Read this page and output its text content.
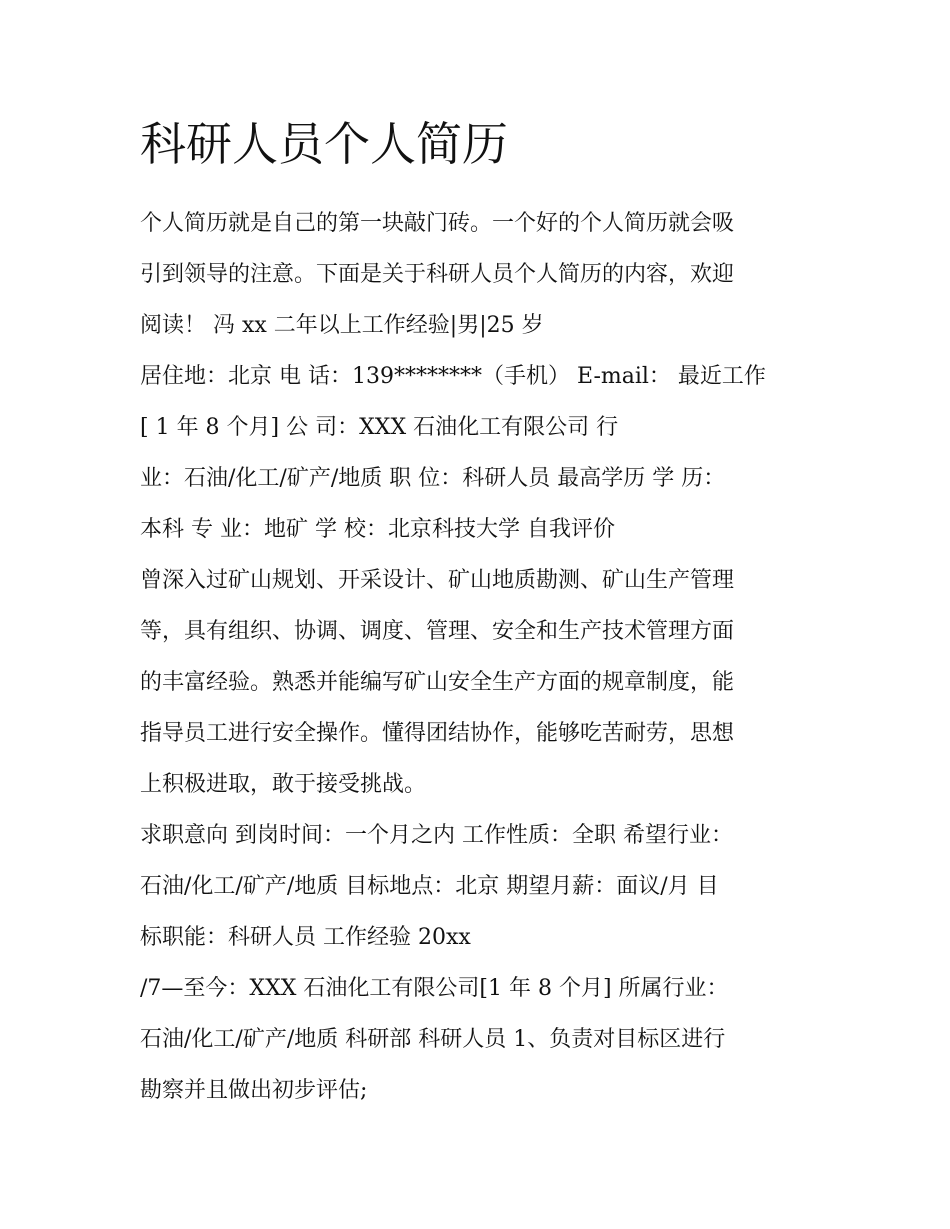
科研人员个人简历
个人简历就是自己的第一块敲门砖。一个好的个人简历就会吸
引到领导的注意。下面是关于科研人员个人简历的内容，欢迎
阅读！ 冯 xx 二年以上工作经验|男|25 岁
居住地：北京 电 话：139********（手机） E-mail： 最近工作
[ 1 年 8 个月] 公 司：XXX 石油化工有限公司 行
业：石油/化工/矿产/地质 职 位：科研人员 最高学历 学 历：
本科 专 业：地矿 学 校：北京科技大学 自我评价
曾深入过矿山规划、开采设计、矿山地质勘测、矿山生产管理
等，具有组织、协调、调度、管理、安全和生产技术管理方面
的丰富经验。熟悉并能编写矿山安全生产方面的规章制度，能
指导员工进行安全操作。懂得团结协作，能够吃苦耐劳，思想
上积极进取，敢于接受挑战。
求职意向 到岗时间：一个月之内 工作性质：全职 希望行业：
石油/化工/矿产/地质 目标地点：北京 期望月薪：面议/月 目
标职能：科研人员 工作经验 20xx
/7—至今：XXX 石油化工有限公司[1 年 8 个月] 所属行业：
石油/化工/矿产/地质 科研部 科研人员 1、负责对目标区进行
勘察并且做出初步评估;
